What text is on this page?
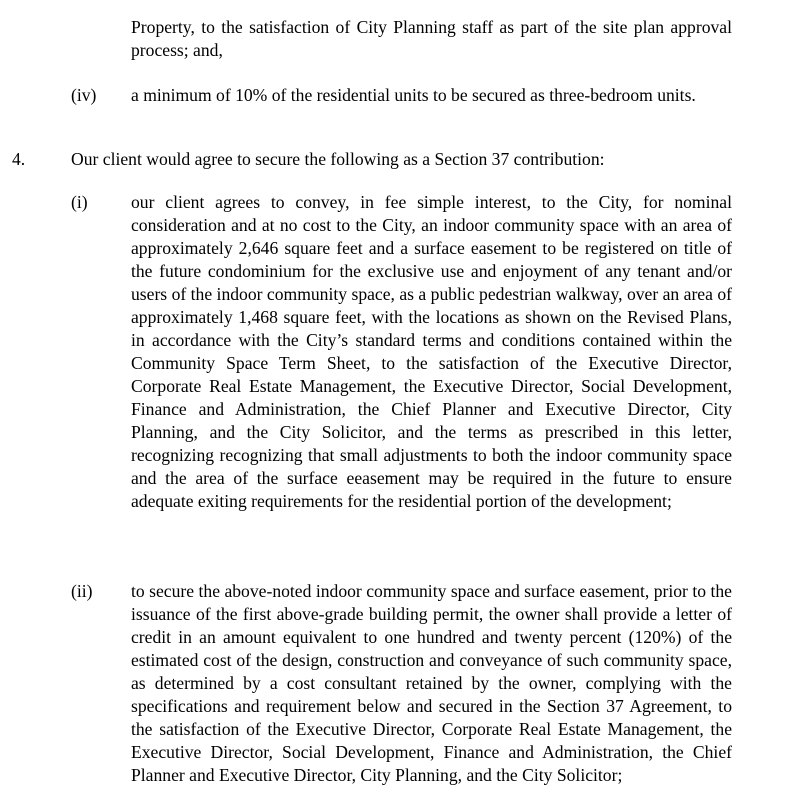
Property, to the satisfaction of City Planning staff as part of the site plan approval process; and,

(iv) a minimum of 10% of the residential units to be secured as three-bedroom units.

4.	Our client would agree to secure the following as a Section 37 contribution:

(i) our client agrees to convey, in fee simple interest, to the City, for nominal consideration and at no cost to the City, an indoor community space with an area of approximately 2,646 square feet and a surface easement to be registered on title of the future condominium for the exclusive use and enjoyment of any tenant and/or users of the indoor community space, as a public pedestrian walkway, over an area of approximately 1,468 square feet, with the locations as shown on the Revised Plans, in accordance with the City’s standard terms and conditions contained within the Community Space Term Sheet, to the satisfaction of the Executive Director, Corporate Real Estate Management, the Executive Director, Social Development, Finance and Administration, the Chief Planner and Executive Director, City Planning, and the City Solicitor, and the terms as prescribed in this letter, recognizing recognizing that small adjustments to both the indoor community space and the area of the surface eeasement may be required in the future to ensure adequate exiting requirements for the residential portion of the development;

(ii) to secure the above-noted indoor community space and surface easement, prior to the issuance of the first above-grade building permit, the owner shall provide a letter of credit in an amount equivalent to one hundred and twenty percent (120%) of the estimated cost of the design, construction and conveyance of such community space, as determined by a cost consultant retained by the owner, complying with the specifications and requirement below and secured in the Section 37 Agreement, to the satisfaction of the Executive Director, Corporate Real Estate Management, the Executive Director, Social Development, Finance and Administration, the Chief Planner and Executive Director, City Planning, and the City Solicitor;
